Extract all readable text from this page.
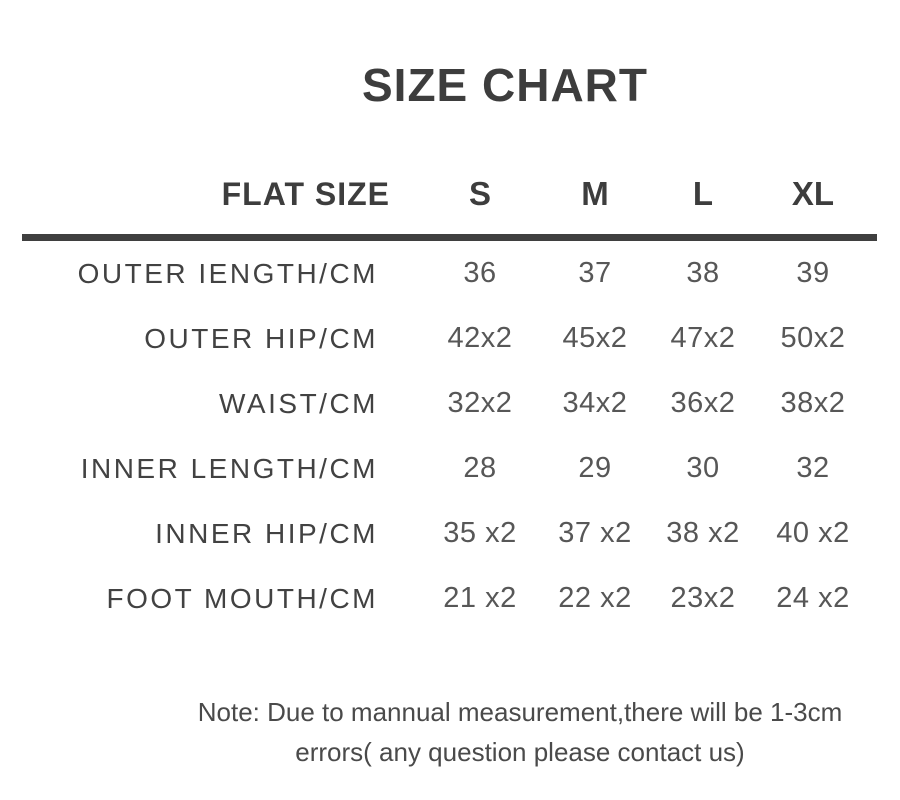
SIZE CHART
FLAT SIZE	S	M	L	XL
OUTER IENGTH/CM	36	37	38	39
OUTER HIP/CM	42x2	45x2	47x2	50x2
WAIST/CM	32x2	34x2	36x2	38x2
INNER LENGTH/CM	28	29	30	32
INNER HIP/CM	35 x2	37 x2	38 x2	40 x2
FOOT MOUTH/CM	21 x2	22 x2	23x2	24 x2
Note: Due to mannual measurement,there will be 1-3cm
errors( any question please contact us)
